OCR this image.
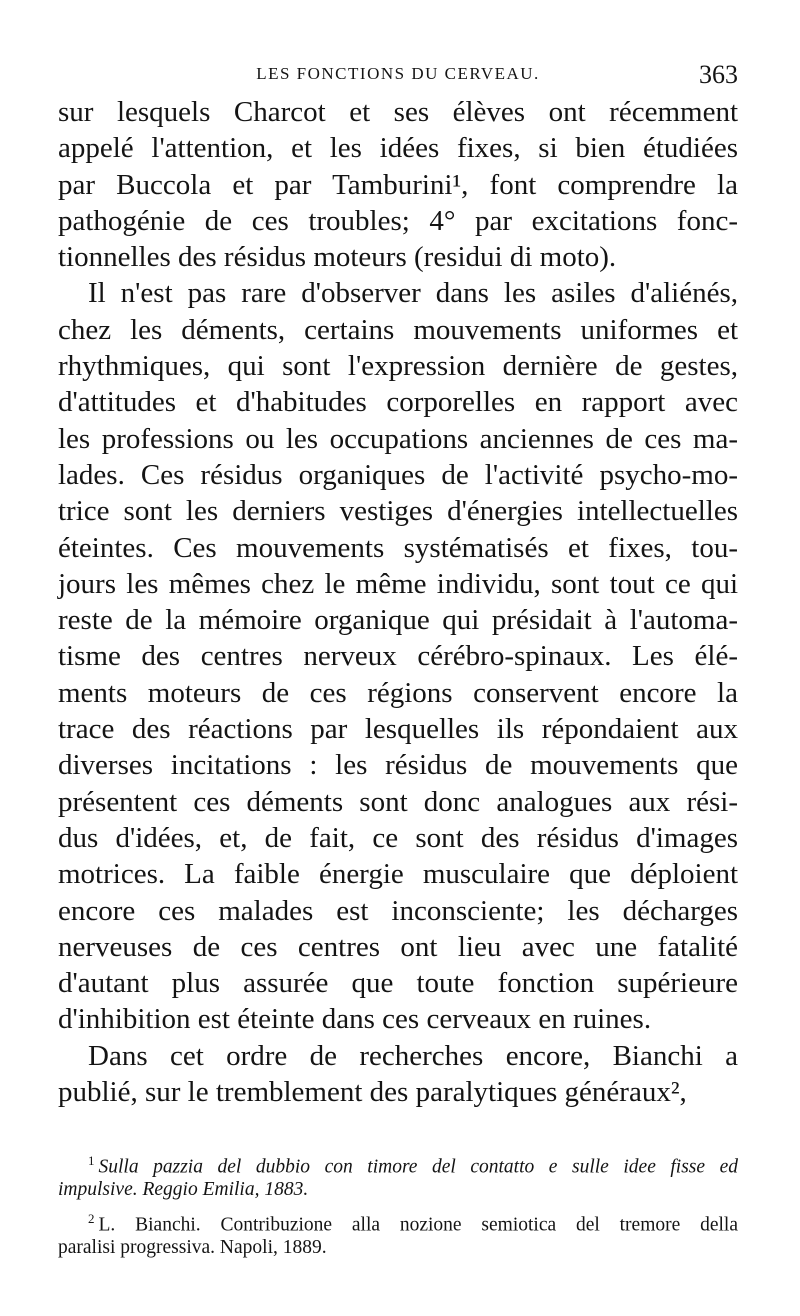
LES FONCTIONS DU CERVEAU.	363
sur lesquels Charcot et ses élèves ont récemment
appelé l'attention, et les idées fixes, si bien étudiées
par Buccola et par Tamburini¹, font comprendre la
pathogénie de ces troubles; 4° par excitations fonc-
tionnelles des résidus moteurs (residui di moto).
Il n'est pas rare d'observer dans les asiles d'aliénés,
chez les déments, certains mouvements uniformes et
rhythmiques, qui sont l'expression dernière de gestes,
d'attitudes et d'habitudes corporelles en rapport avec
les professions ou les occupations anciennes de ces ma-
lades. Ces résidus organiques de l'activité psycho-mo-
trice sont les derniers vestiges d'énergies intellectuelles
éteintes. Ces mouvements systématisés et fixes, tou-
jours les mêmes chez le même individu, sont tout ce qui
reste de la mémoire organique qui présidait à l'automa-
tisme des centres nerveux cérébro-spinaux. Les élé-
ments moteurs de ces régions conservent encore la
trace des réactions par lesquelles ils répondaient aux
diverses incitations : les résidus de mouvements que
présentent ces déments sont donc analogues aux rési-
dus d'idées, et, de fait, ce sont des résidus d'images
motrices. La faible énergie musculaire que déploient
encore ces malades est inconsciente; les décharges
nerveuses de ces centres ont lieu avec une fatalité
d'autant plus assurée que toute fonction supérieure
d'inhibition est éteinte dans ces cerveaux en ruines.
Dans cet ordre de recherches encore, Bianchi a
publié, sur le tremblement des paralytiques généraux²,
$^1$ Sulla pazzia del dubbio con timore del contatto e sulle idee fisse ed
impulsive. Reggio Emilia, 1883.
$^2$ L. Bianchi. Contribuzione alla nozione semiotica del tremore della
paralisi progressiva. Napoli, 1889.
